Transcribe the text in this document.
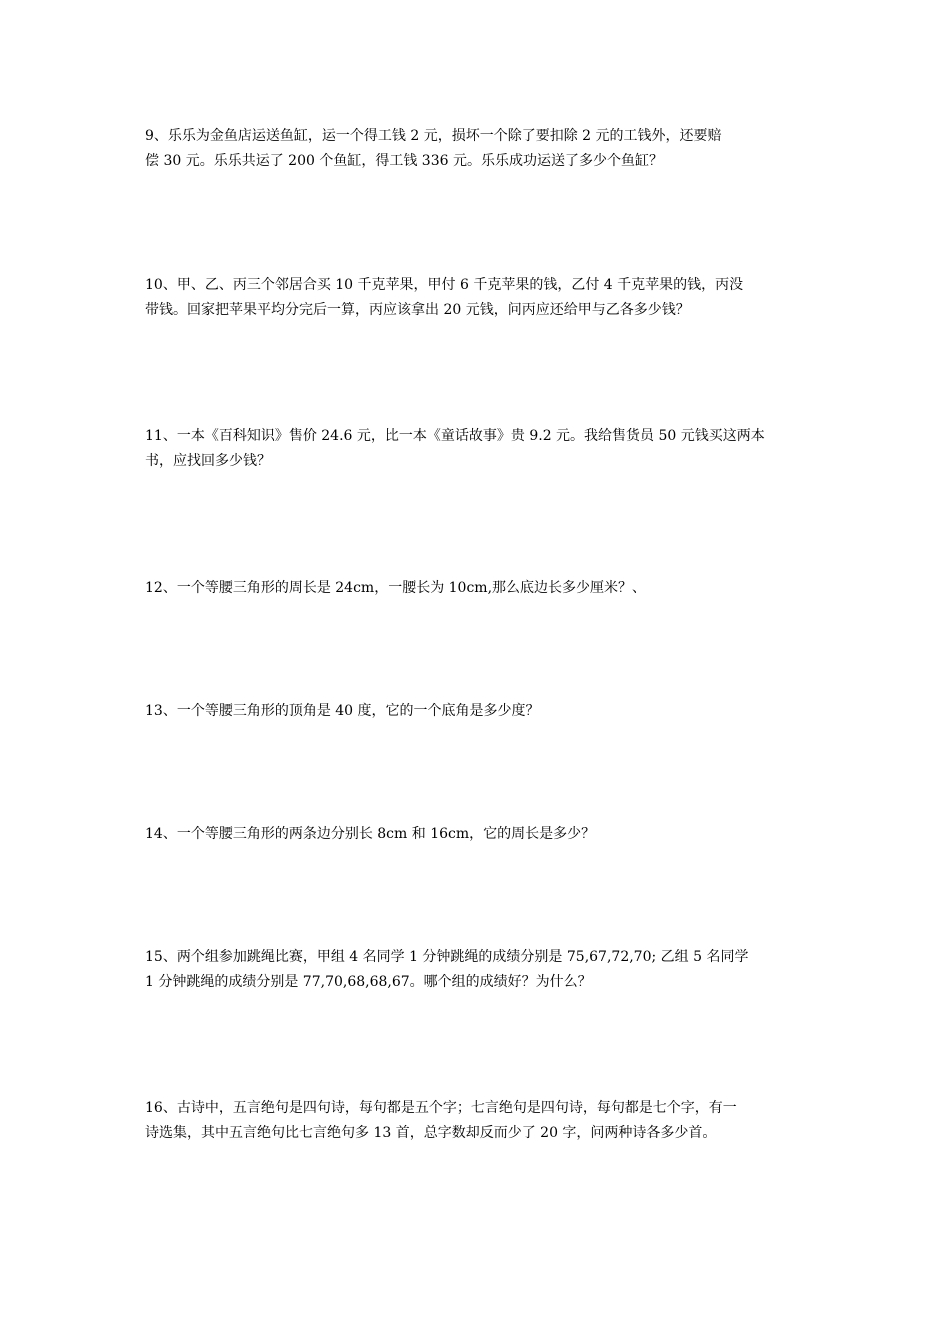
9、乐乐为金鱼店运送鱼缸，运一个得工钱 2 元，损坏一个除了要扣除 2 元的工钱外，还要赔

偿 30 元。乐乐共运了 200 个鱼缸，得工钱 336 元。乐乐成功运送了多少个鱼缸？

10、甲、乙、丙三个邻居合买 10 千克苹果，甲付 6 千克苹果的钱，乙付 4 千克苹果的钱，丙没

带钱。回家把苹果平均分完后一算，丙应该拿出 20 元钱，问丙应还给甲与乙各多少钱？

11、一本《百科知识》售价 24.6 元，比一本《童话故事》贵 9.2 元。我给售货员 50 元钱买这两本

书，应找回多少钱？

12、一个等腰三角形的周长是 24cm，一腰长为 10cm,那么底边长多少厘米？、

13、一个等腰三角形的顶角是 40 度，它的一个底角是多少度？

14、一个等腰三角形的两条边分别长 8cm 和 16cm，它的周长是多少？

15、两个组参加跳绳比赛，甲组 4 名同学 1 分钟跳绳的成绩分别是 75,67,72,70; 乙组 5 名同学

1 分钟跳绳的成绩分别是 77,70,68,68,67。哪个组的成绩好？为什么？

16、古诗中，五言绝句是四句诗，每句都是五个字；七言绝句是四句诗，每句都是七个字，有一

诗选集，其中五言绝句比七言绝句多 13 首，总字数却反而少了 20 字，问两种诗各多少首。
